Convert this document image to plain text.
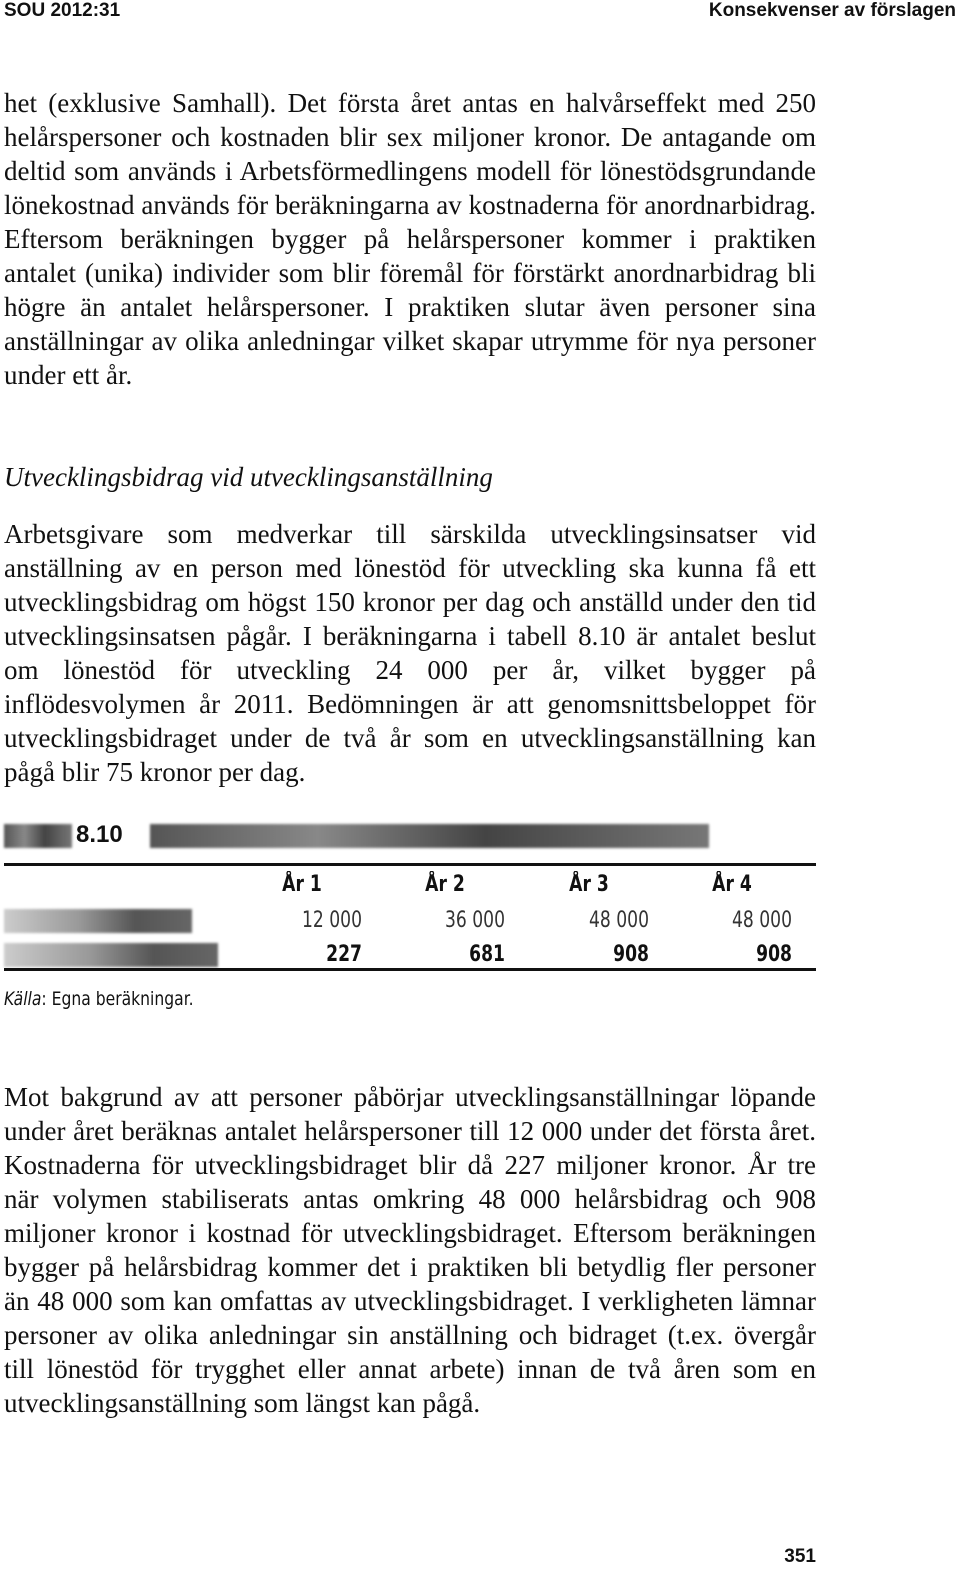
SOU 2012:31	Konsekvenser av förslagen

het (exklusive Samhall). Det första året antas en halvårseffekt med 250 helårspersoner och kostnaden blir sex miljoner kronor. De antagande om deltid som används i Arbetsförmedlingens modell för lönestödsgrundande lönekostnad används för beräkningarna av kostnaderna för anordnarbidrag. Eftersom beräkningen bygger på helårspersoner kommer i praktiken antalet (unika) individer som blir föremål för förstärkt anordnarbidrag bli högre än antalet helårspersoner. I praktiken slutar även personer sina anställningar av olika anledningar vilket skapar utrymme för nya personer under ett år.

Utvecklingsbidrag vid utvecklingsanställning

Arbetsgivare som medverkar till särskilda utvecklingsinsatser vid anställning av en person med lönestöd för utveckling ska kunna få ett utvecklingsbidrag om högst 150 kronor per dag och anställd under den tid utvecklingsinsatsen pågår. I beräkningarna i tabell 8.10 är antalet beslut om lönestöd för utveckling 24 000 per år, vilket bygger på inflödesvolymen år 2011. Bedömningen är att genomsnittsbeloppet för utvecklingsbidraget under de två år som en utvecklingsanställning kan pågå blir 75 kronor per dag.

8.10
År 1	År 2	År 3	År 4
12 000	36 000	48 000	48 000
227	681	908	908
Källa: Egna beräkningar.

Mot bakgrund av att personer påbörjar utvecklingsanställningar löpande under året beräknas antalet helårspersoner till 12 000 under det första året. Kostnaderna för utvecklingsbidraget blir då 227 miljoner kronor. År tre när volymen stabiliserats antas omkring 48 000 helårsbidrag och 908 miljoner kronor i kostnad för utvecklingsbidraget. Eftersom beräkningen bygger på helårsbidrag kommer det i praktiken bli betydlig fler personer än 48 000 som kan omfattas av utvecklingsbidraget. I verkligheten lämnar personer av olika anledningar sin anställning och bidraget (t.ex. övergår till lönestöd för trygghet eller annat arbete) innan de två åren som en utvecklingsanställning som längst kan pågå.

351
